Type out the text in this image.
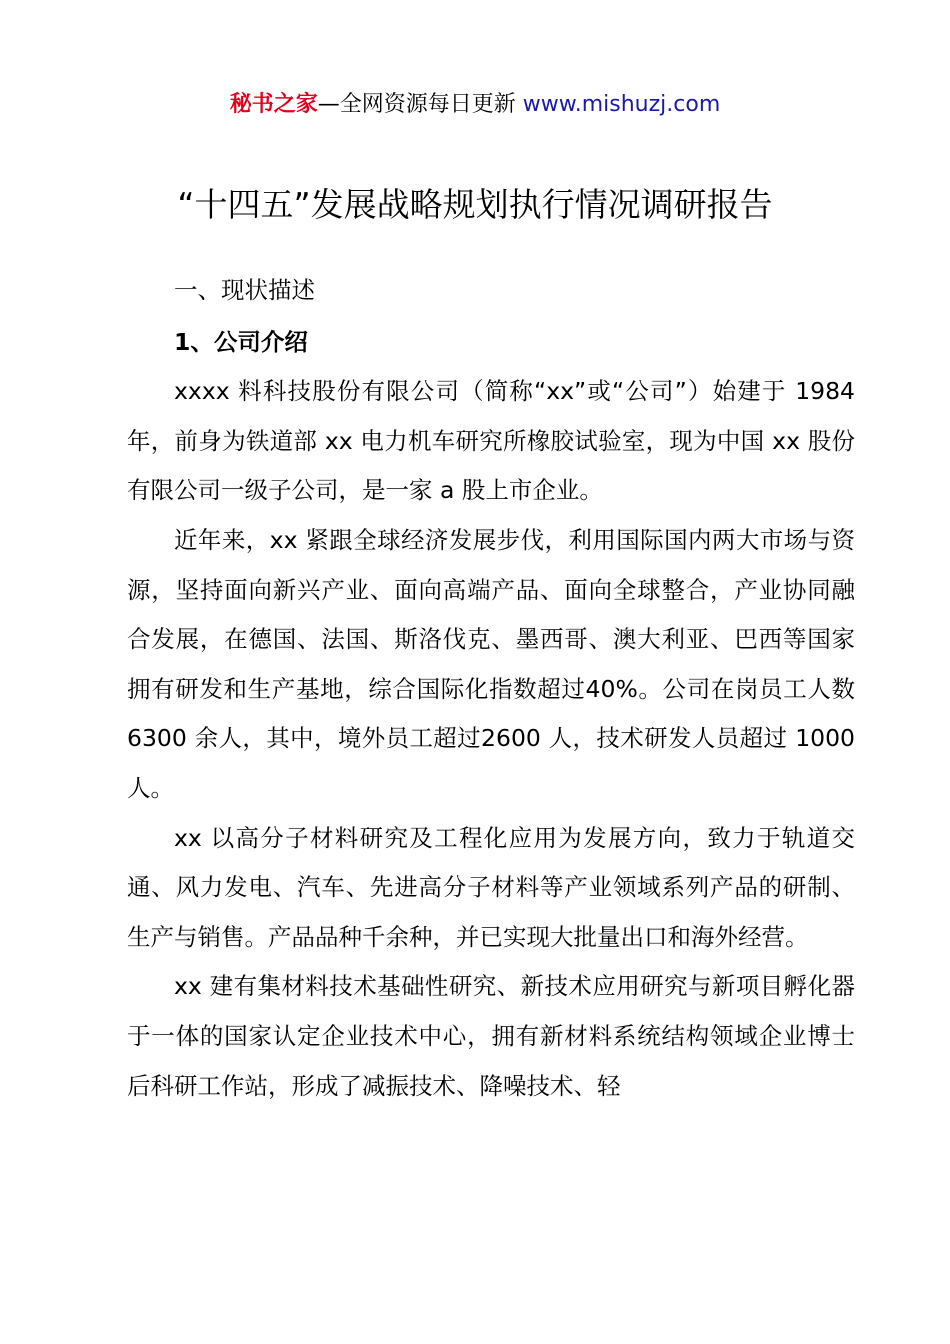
秘书之家—全网资源每日更新 www.mishuzj.com
“十四五”发展战略规划执行情况调研报告

一、现状描述

1、公司介绍

xxxx 料科技股份有限公司（简称“xx”或“公司”）始建于 1984 年，前身为铁道部 xx 电力机车研究所橡胶试验室，现为中国 xx 股份有限公司一级子公司，是一家 a 股上市企业。

近年来，xx 紧跟全球经济发展步伐，利用国际国内两大市场与资源，坚持面向新兴产业、面向高端产品、面向全球整合，产业协同融合发展，在德国、法国、斯洛伐克、墨西哥、澳大利亚、巴西等国家拥有研发和生产基地，综合国际化指数超过40%。公司在岗员工人数 6300 余人，其中，境外员工超过2600 人，技术研发人员超过 1000 人。

xx 以高分子材料研究及工程化应用为发展方向，致力于轨道交通、风力发电、汽车、先进高分子材料等产业领域系列产品的研制、生产与销售。产品品种千余种，并已实现大批量出口和海外经营。

xx 建有集材料技术基础性研究、新技术应用研究与新项目孵化器于一体的国家认定企业技术中心，拥有新材料系统结构领域企业博士后科研工作站，形成了减振技术、降噪技术、轻
